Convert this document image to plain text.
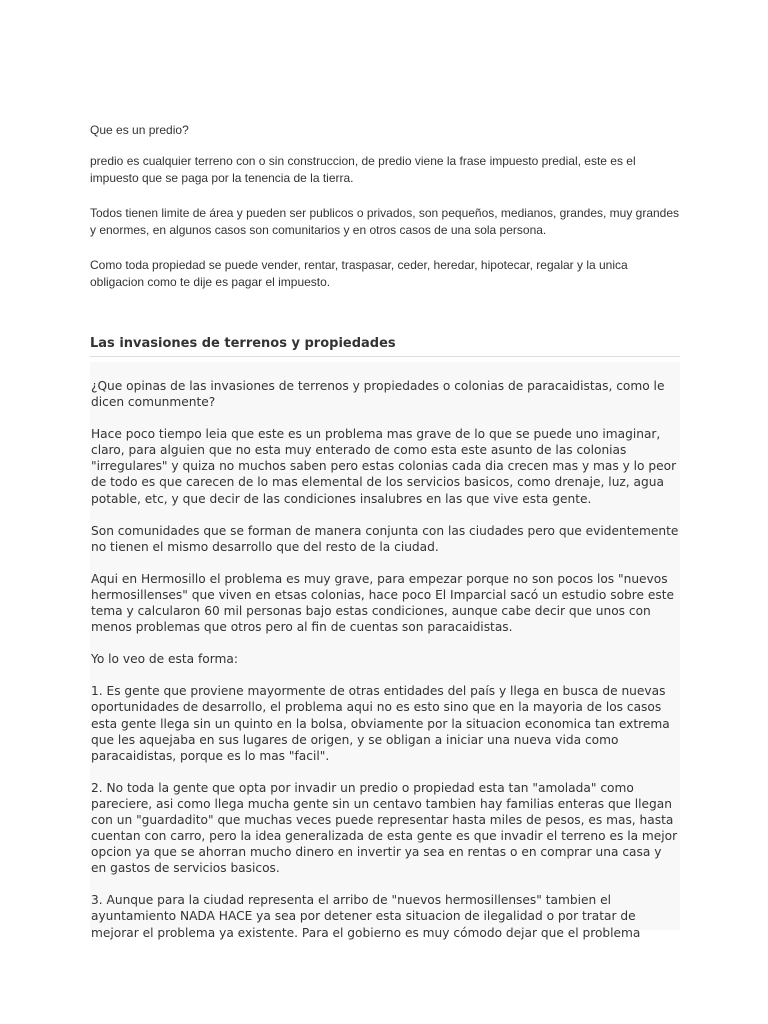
Que es un predio?

predio es cualquier terreno con o sin construccion, de predio viene la frase impuesto predial, este es el impuesto que se paga por la tenencia de la tierra.

Todos tienen limite de área y pueden ser publicos o privados, son pequeños, medianos, grandes, muy grandes y enormes, en algunos casos son comunitarios y en otros casos de una sola persona.

Como toda propiedad se puede vender, rentar, traspasar, ceder, heredar, hipotecar, regalar y la unica obligacion como te dije es pagar el impuesto.

Las invasiones de terrenos y propiedades

¿Que opinas de las invasiones de terrenos y propiedades o colonias de paracaidistas, como le dicen comunmente?

Hace poco tiempo leia que este es un problema mas grave de lo que se puede uno imaginar, claro, para alguien que no esta muy enterado de como esta este asunto de las colonias "irregulares" y quiza no muchos saben pero estas colonias cada dia crecen mas y mas y lo peor de todo es que carecen de lo mas elemental de los servicios basicos, como drenaje, luz, agua potable, etc, y que decir de las condiciones insalubres en las que vive esta gente.

Son comunidades que se forman de manera conjunta con las ciudades pero que evidentemente no tienen el mismo desarrollo que del resto de la ciudad.

Aqui en Hermosillo el problema es muy grave, para empezar porque no son pocos los "nuevos hermosillenses" que viven en etsas colonias, hace poco El Imparcial sacó un estudio sobre este tema y calcularon 60 mil personas bajo estas condiciones, aunque cabe decir que unos con menos problemas que otros pero al fin de cuentas son paracaidistas.

Yo lo veo de esta forma:

1. Es gente que proviene mayormente de otras entidades del país y llega en busca de nuevas oportunidades de desarrollo, el problema aqui no es esto sino que en la mayoria de los casos esta gente llega sin un quinto en la bolsa, obviamente por la situacion economica tan extrema que les aquejaba en sus lugares de origen, y se obligan a iniciar una nueva vida como paracaidistas, porque es lo mas "facil".

2. No toda la gente que opta por invadir un predio o propiedad esta tan "amolada" como pareciere, asi como llega mucha gente sin un centavo tambien hay familias enteras que llegan con un "guardadito" que muchas veces puede representar hasta miles de pesos, es mas, hasta cuentan con carro, pero la idea generalizada de esta gente es que invadir el terreno es la mejor opcion ya que se ahorran mucho dinero en invertir ya sea en rentas o en comprar una casa y en gastos de servicios basicos.

3. Aunque para la ciudad representa el arribo de "nuevos hermosillenses" tambien el ayuntamiento NADA HACE ya sea por detener esta situacion de ilegalidad o por tratar de mejorar el problema ya existente. Para el gobierno es muy cómodo dejar que el problema
